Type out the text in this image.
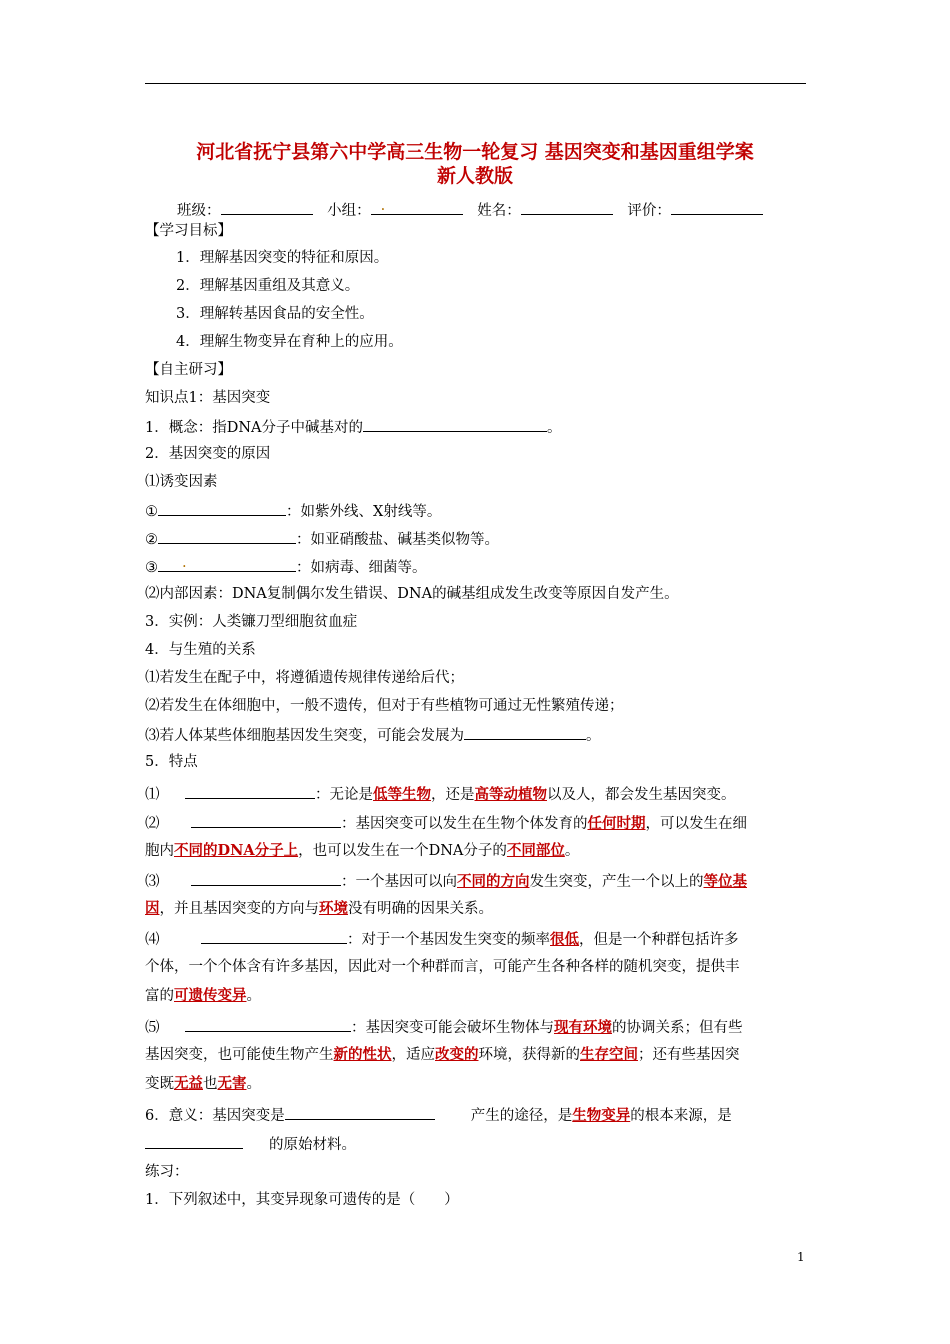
河北省抚宁县第六中学高三生物一轮复习 基因突变和基因重组学案
新人教版
班级：	小组： .	姓名：	评价：
【学习目标】
1．理解基因突变的特征和原因。
2．理解基因重组及其意义。
3．理解转基因食品的安全性。
4．理解生物变异在育种上的应用。
【自主研习】
知识点1：基因突变
1．概念：指DNA分子中碱基对的	。
2．基因突变的原因
⑴诱变因素
①	：如紫外线、X射线等。
②	：如亚硝酸盐、碱基类似物等。
③ .	：如病毒、细菌等。
⑵内部因素：DNA复制偶尔发生错误、DNA的碱基组成发生改变等原因自发产生。
3．实例：人类镰刀型细胞贫血症
4．与生殖的关系
⑴若发生在配子中，将遵循遗传规律传递给后代；
⑵若发生在体细胞中，一般不遗传，但对于有些植物可通过无性繁殖传递；
⑶若人体某些体细胞基因发生突变，可能会发展为	。
5．特点
⑴	：无论是低等生物，还是高等动植物以及人，都会发生基因突变。
⑵	：基因突变可以发生在生物个体发育的任何时期，可以发生在细
胞内不同的DNA分子上，也可以发生在一个DNA分子的不同部位。
⑶	：一个基因可以向不同的方向发生突变，产生一个以上的等位基
因，并且基因突变的方向与环境没有明确的因果关系。
⑷	：对于一个基因发生突变的频率很低，但是一个种群包括许多
个体，一个个体含有许多基因，因此对一个种群而言，可能产生各种各样的随机突变，提供丰
富的可遗传变异。
⑸	：基因突变可能会破坏生物体与现有环境的协调关系；但有些
基因突变，也可能使生物产生新的性状，适应改变的环境，获得新的生存空间；还有些基因突
变既无益也无害。
6．意义：基因突变是	产生的途径，是生物变异的根本来源，是
的原始材料。
练习：
1．下列叙述中，其变异现象可遗传的是（　　）
1
